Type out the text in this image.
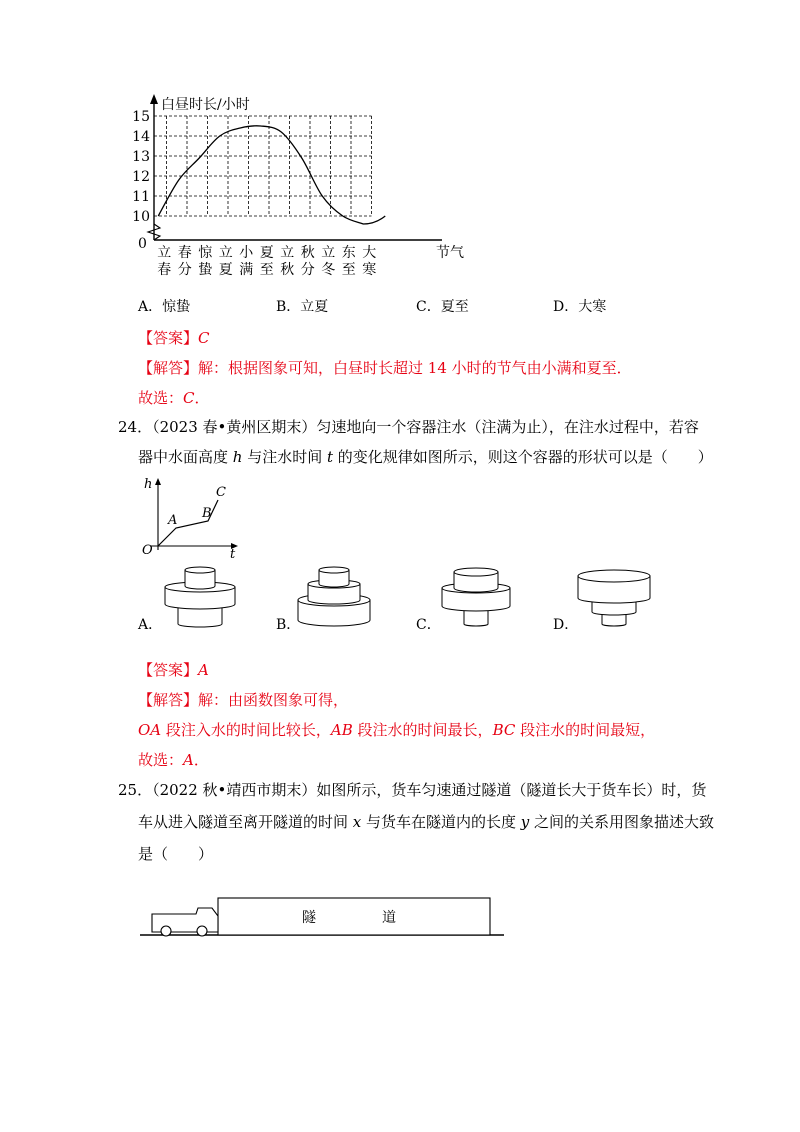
白昼时长/小时
0
节气
10
11
12
13
14
15
立
春
春
分
惊
蛰
立
夏
小
满
夏
至
立
秋
秋
分
立
冬
东
至
大
寒
A．惊蛰	B．立夏	C．夏至	D．大寒
【答案】C
【解答】解：根据图象可知，白昼时长超过 14 小时的节气由小满和夏至．
故选：C．
24．（2023 春•黄州区期末）匀速地向一个容器注水（注满为止），在注水过程中，若容
器中水面高度 h 与注水时间 t 的变化规律如图所示，则这个容器的形状可以是（　　）
h
t
O
A B
C
A．	B．	C．	D．
【答案】A
【解答】解：由函数图象可得，
OA 段注入水的时间比较长，AB 段注水的时间最长，BC 段注水的时间最短，
故选：A．
25．（2022 秋•靖西市期末）如图所示，货车匀速通过隧道（隧道长大于货车长）时，货
车从进入隧道至离开隧道的时间 x 与货车在隧道内的长度 y 之间的关系用图象描述大致
是（　　）
隧	道
